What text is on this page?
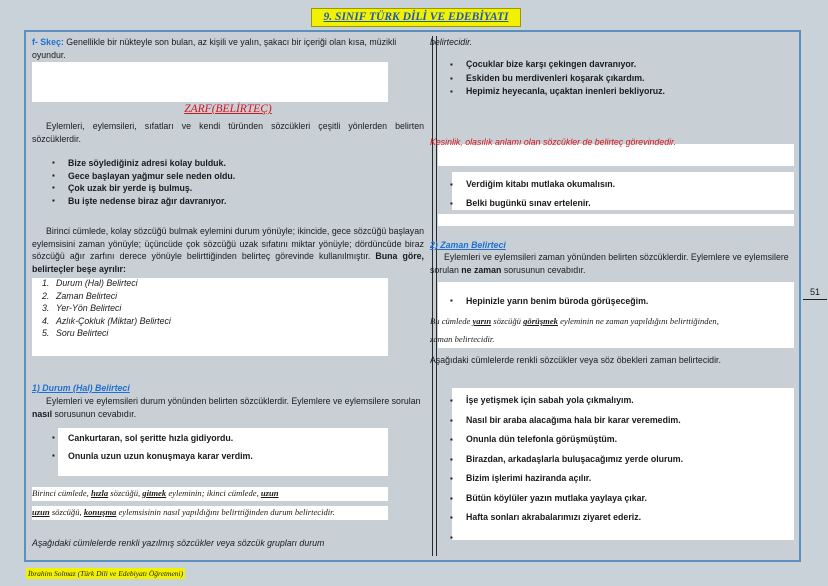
9. SINIF TÜRK DİLİ VE EDEBİYATI

f- Skeç: Genellikle bir nükteyle son bulan, az kişili ve yalın, şakacı bir içeriği olan kısa, müzikli oyundur.

ZARF(BELİRTEÇ)
Eylemleri, eylemsileri, sıfatları ve kendi türünden sözcükleri çeşitli yönlerden belirten sözcüklerdir.
▪ Bize söylediğiniz adresi kolay bulduk.
▪ Gece başlayan yağmur sele neden oldu.
▪ Çok uzak bir yerde iş bulmuş.
▪ Bu işte nedense biraz ağır davranıyor.
Birinci cümlede, kolay sözcüğü bulmak eylemini durum yönüyle; ikincide, gece sözcüğü başlayan eylemsisini zaman yönüyle; üçüncüde çok sözcüğü uzak sıfatını miktar yönüyle; dördüncüde biraz sözcüğü ağır zarfını derece yönüyle belirttiğinden belirteç görevinde kullanılmıştır. Buna göre, belirteçler beşe ayrılır:
1. Durum (Hal) Belirteci
2. Zaman Belirteci
3. Yer-Yön Belirteci
4. Azlık-Çokluk (Miktar) Belirteci
5. Soru Belirteci
1) Durum (Hal) Belirteci
Eylemleri ve eylemsileri durum yönünden belirten sözcüklerdir. Eylemlere ve eylemsilere sorulan nasıl sorusunun cevabıdır.
▪ Cankurtaran, sol şeritte hızla gidiyordu.
▪ Onunla uzun uzun konuşmaya karar verdim.
Birinci cümlede, hızla sözcüğü, gitmek eyleminin; ikinci cümlede, uzun
uzun sözcüğü, konuşma eylemsisinin nasıl yapıldığını belirttiğinden durum belirtecidir.
Aşağıdaki cümlelerde renkli yazılmış sözcükler veya sözcük grupları durum
belirtecidir.
▪ Çocuklar bize karşı çekingen davranıyor.
▪ Eskiden bu merdivenleri koşarak çıkardım.
▪ Hepimiz heyecanla, uçaktan inenleri bekliyoruz.
Kesinlik, olasılık anlamı olan sözcükler de belirteç görevindedir.
▪ Verdiğim kitabı mutlaka okumalısın.
▪ Belki bugünkü sınav ertelenir.
2) Zaman Belirteci
Eylemleri ve eylemsileri zaman yönünden belirten sözcüklerdir. Eylemlere ve eylemsilere sorulan ne zaman sorusunun cevabıdır.
▪ Hepinizle yarın benim büroda görüşeceğim.
Bu cümlede yarın sözcüğü görüşmek eyleminin ne zaman yapıldığını belirttiğinden,
zaman belirtecidir.
Aşağıdaki cümlelerde renkli sözcükler veya söz öbekleri zaman belirtecidir.
▪ İşe yetişmek için sabah yola çıkmalıyım.
▪ Nasıl bir araba alacağıma hala bir karar veremedim.
▪ Onunla dün telefonla görüşmüştüm.
▪ Birazdan, arkadaşlarla buluşacağımız yerde olurum.
▪ Bizim işlerimi haziranda açılır.
▪ Bütün köylüler yazın mutlaka yaylaya çıkar.
▪ Hafta sonları akrabalarımızı ziyaret ederiz.
51
İbrahim Solmaz (Türk Dili ve Edebiyatı Öğretmeni)
